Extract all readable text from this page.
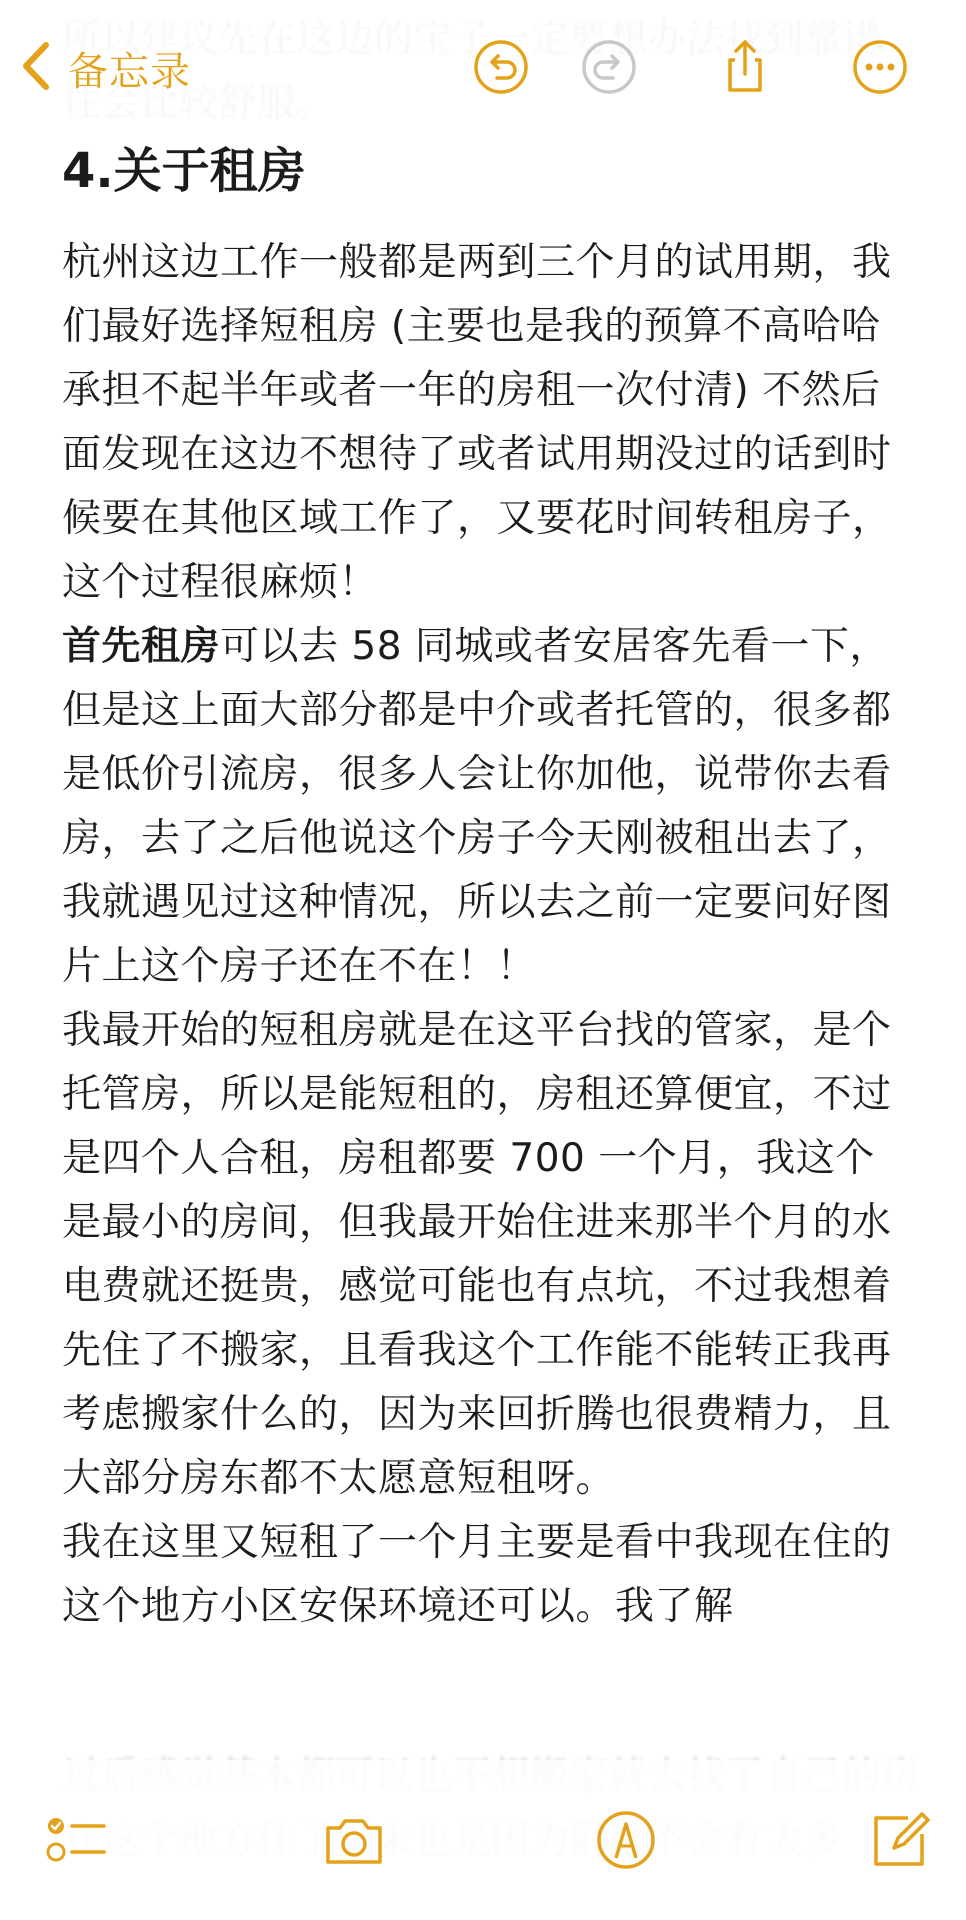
备忘录
4.关于租房

杭州这边工作一般都是两到三个月的试用期，我们最好选择短租房 (主要也是我的预算不高哈哈承担不起半年或者一年的房租一次付清) 不然后面发现在这边不想待了或者试用期没过的话到时候要在其他区域工作了，又要花时间转租房子，这个过程很麻烦！

首先租房可以去 58 同城或者安居客先看一下，但是这上面大部分都是中介或者托管的，很多都是低价引流房，很多人会让你加他，说带你去看房，去了之后他说这个房子今天刚被租出去了，我就遇见过这种情况，所以去之前一定要问好图片上这个房子还在不在！！

我最开始的短租房就是在这平台找的管家，是个托管房，所以是能短租的，房租还算便宜，不过是四个人合租，房租都要 700 一个月，我这个是最小的房间，但我最开始住进来那半个月的水电费就还挺贵，感觉可能也有点坑，不过我想着先住了不搬家，且看我这个工作能不能转正我再考虑搬家什么的，因为来回折腾也很费精力，且大部分房东都不太愿意短租呀。

我在这里又短租了一个月主要是看中我现在住的这个地方小区安保环境还可以。我了解
